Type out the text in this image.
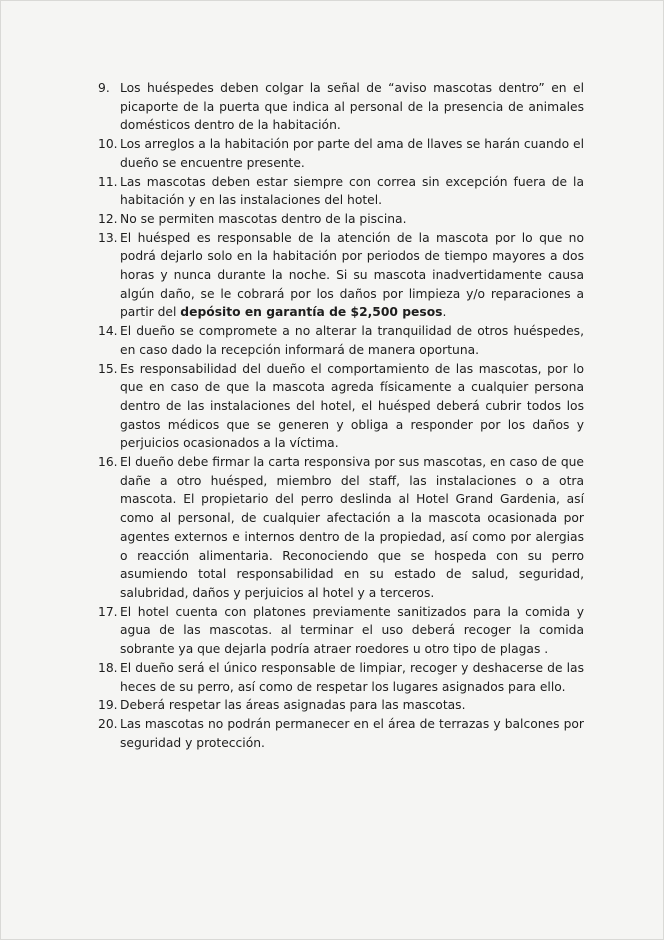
9. Los huéspedes deben colgar la señal de “aviso mascotas dentro” en el picaporte de la puerta que indica al personal de la presencia de animales domésticos dentro de la habitación.
10. Los arreglos a la habitación por parte del ama de llaves se harán cuando el dueño se encuentre presente.
11. Las mascotas deben estar siempre con correa sin excepción fuera de la habitación y en las instalaciones del hotel.
12. No se permiten mascotas dentro de la piscina.
13. El huésped es responsable de la atención de la mascota por lo que no podrá dejarlo solo en la habitación por periodos de tiempo mayores a dos horas y nunca durante la noche. Si su mascota inadvertidamente causa algún daño, se le cobrará por los daños por limpieza y/o reparaciones a partir del depósito en garantía de $2,500 pesos.
14. El dueño se compromete a no alterar la tranquilidad de otros huéspedes, en caso dado la recepción informará de manera oportuna.
15. Es responsabilidad del dueño el comportamiento de las mascotas, por lo que en caso de que la mascota agreda físicamente a cualquier persona dentro de las instalaciones del hotel, el huésped deberá cubrir todos los gastos médicos que se generen y obliga a responder por los daños y perjuicios ocasionados a la víctima.
16. El dueño debe firmar la carta responsiva por sus mascotas, en caso de que dañe a otro huésped, miembro del staff, las instalaciones o a otra mascota. El propietario del perro deslinda al Hotel Grand Gardenia, así como al personal, de cualquier afectación a la mascota ocasionada por agentes externos e internos dentro de la propiedad, así como por alergias o reacción alimentaria. Reconociendo que se hospeda con su perro asumiendo total responsabilidad en su estado de salud, seguridad, salubridad, daños y perjuicios al hotel y a terceros.
17. El hotel cuenta con platones previamente sanitizados para la comida y agua de las mascotas. al terminar el uso deberá recoger la comida sobrante ya que dejarla podría atraer roedores u otro tipo de plagas .
18. El dueño será el único responsable de limpiar, recoger y deshacerse de las heces de su perro, así como de respetar los lugares asignados para ello.
19. Deberá respetar las áreas asignadas para las mascotas.
20. Las mascotas no podrán permanecer en el área de terrazas y balcones por seguridad y protección.
